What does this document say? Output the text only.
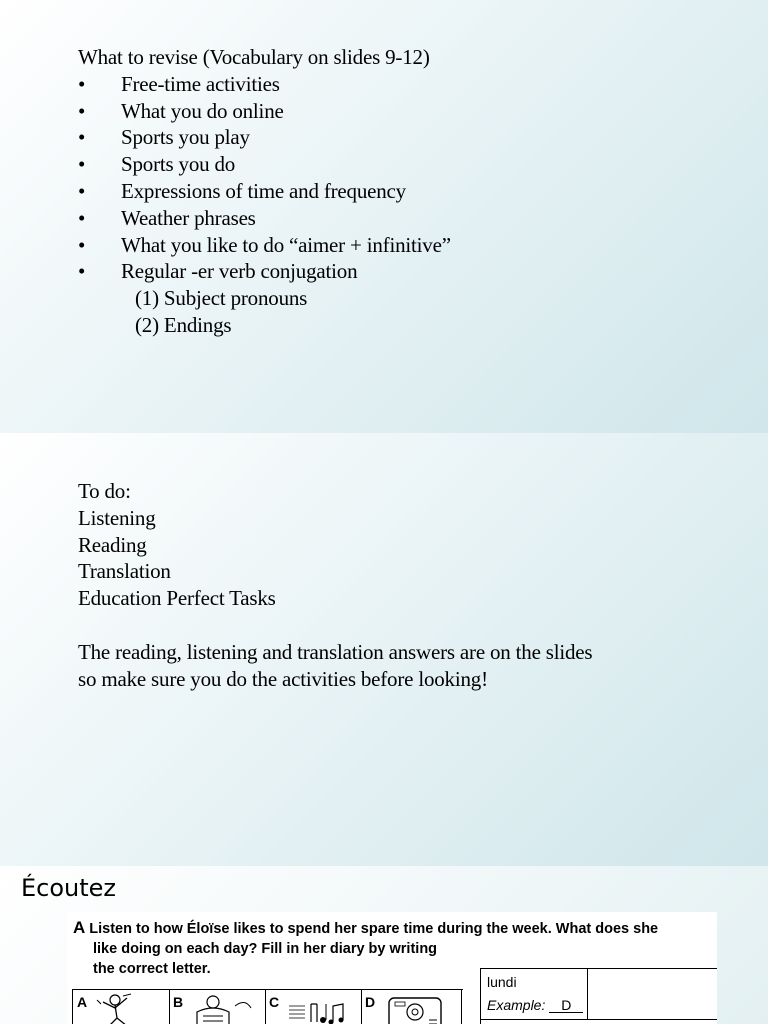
What to revise (Vocabulary on slides 9-12)
• Free-time activities
• What you do online
• Sports you play
• Sports you do
• Expressions of time and frequency
• Weather phrases
• What you like to do “aimer + infinitive”
• Regular -er verb conjugation
(1) Subject pronouns
(2) Endings
To do:
Listening
Reading
Translation
Education Perfect Tasks
The reading, listening and translation answers are on the slides
so make sure you do the activities before looking!
Écoutez
A Listen to how Éloïse likes to spend her spare time during the week. What does she
like doing on each day? Fill in her diary by writing
the correct letter.
A	B	C	D
lundi
Example: D
